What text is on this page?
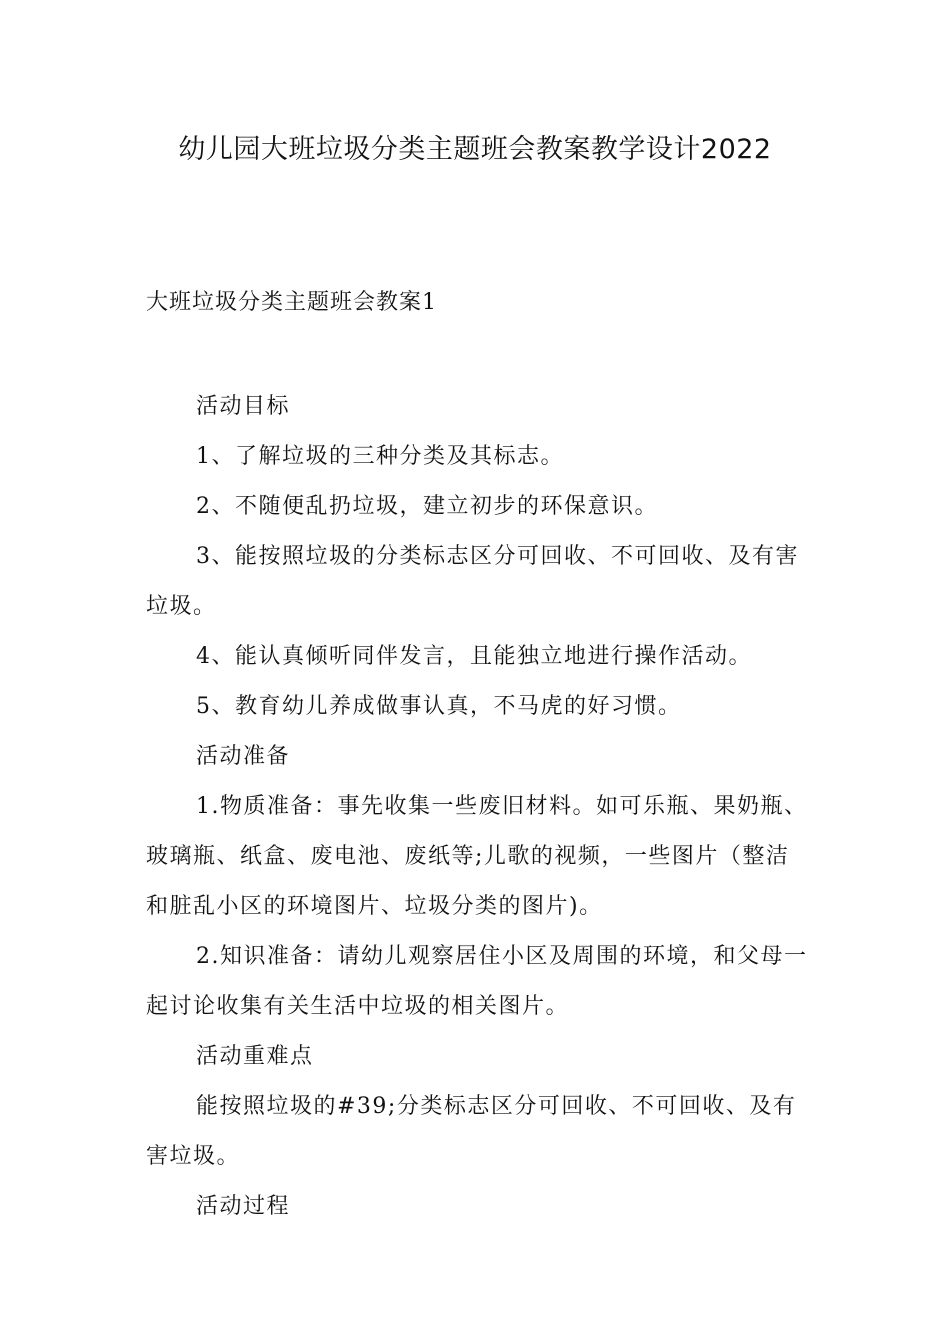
幼儿园大班垃圾分类主题班会教案教学设计2022

大班垃圾分类主题班会教案1

活动目标

1、了解垃圾的三种分类及其标志。

2、不随便乱扔垃圾，建立初步的环保意识。

3、能按照垃圾的分类标志区分可回收、不可回收、及有害垃圾。

4、能认真倾听同伴发言，且能独立地进行操作活动。

5、教育幼儿养成做事认真，不马虎的好习惯。

活动准备

1.物质准备：事先收集一些废旧材料。如可乐瓶、果奶瓶、玻璃瓶、纸盒、废电池、废纸等;儿歌的视频，一些图片（整洁和脏乱小区的环境图片、垃圾分类的图片)。

2.知识准备：请幼儿观察居住小区及周围的环境，和父母一起讨论收集有关生活中垃圾的相关图片。

活动重难点

能按照垃圾的#39;分类标志区分可回收、不可回收、及有害垃圾。

活动过程
